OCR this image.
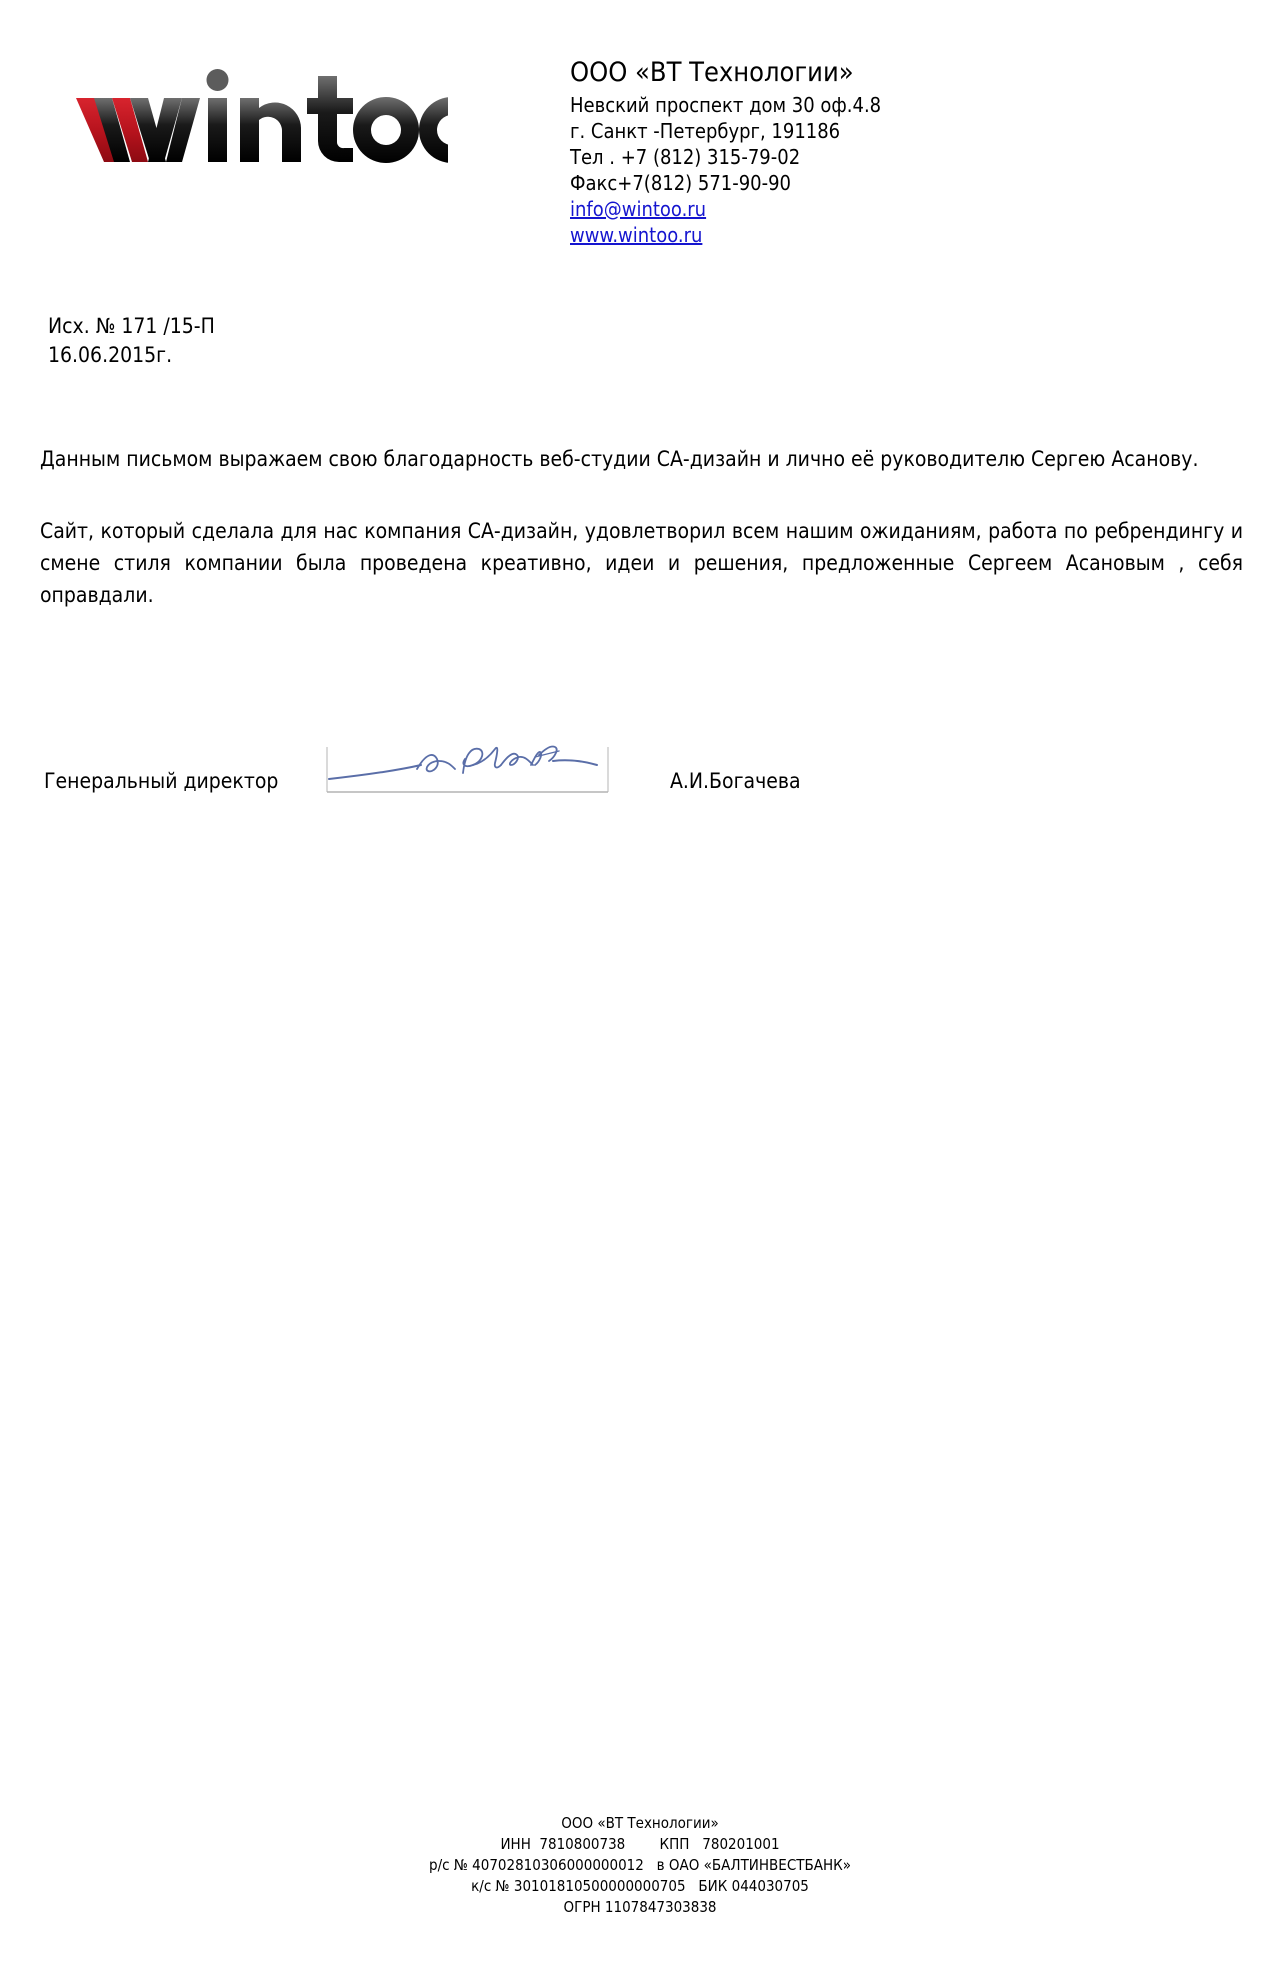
ООО «ВТ Технологии»
Невский проспект дом 30 оф.4.8
г. Санкт -Петербург, 191186
Тел . +7 (812) 315-79-02
Факс+7(812) 571-90-90
info@wintoo.ru
www.wintoo.ru
Исх. № 171 /15-П
16.06.2015г.

Данным письмом выражаем свою благодарность веб-студии СА-дизайн и лично её руководителю Сергею Асанову.

Сайт, который сделала для нас компания СА-дизайн, удовлетворил всем нашим ожиданиям, работа по ребрендингу и смене стиля компании была проведена креативно, идеи и решения, предложенные Сергеем Асановым , себя оправдали.

Генеральный директор	А.И.Богачева
ООО «ВТ Технологии»
ИНН  7810800738        КПП   780201001
р/с № 40702810306000000012   в ОАО «БАЛТИНВЕСТБАНК»
к/с № 30101810500000000705   БИК 044030705
ОГРН 1107847303838
